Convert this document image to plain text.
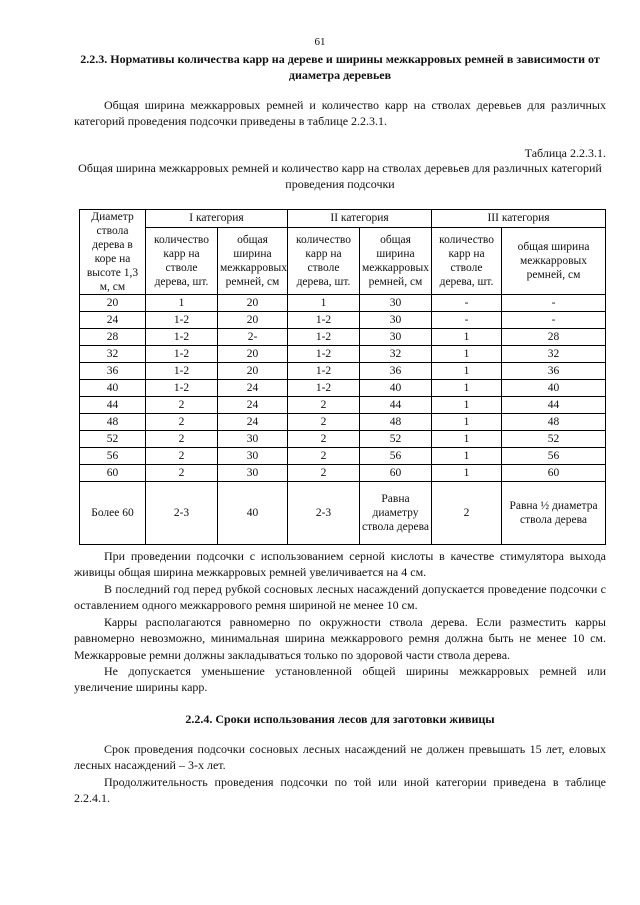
61
2.2.3. Нормативы количества карр на дереве и ширины межкарровых ремней в зависимости от диаметра деревьев

Общая ширина межкарровых ремней и количество карр на стволах деревьев для различных категорий проведения подсочки приведены в таблице 2.2.3.1.

Таблица 2.2.3.1.
Общая ширина межкарровых ремней и количество карр на стволах деревьев для различных категорий проведения подсочки
Диаметр ствола дерева в коре на высоте 1,3 м, см	I категория		II категория		III категория	
	количество карр на стволе дерева, шт.	общая ширина межкарровых ремней, см	количество карр на стволе дерева, шт.	общая ширина межкарровых ремней, см	количество карр на стволе дерева, шт.	общая ширина межкарровых ремней, см
20	1	20	1	30	-	-
24	1-2	20	1-2	30	-	-
28	1-2	2-	1-2	30	1	28
32	1-2	20	1-2	32	1	32
36	1-2	20	1-2	36	1	36
40	1-2	24	1-2	40	1	40
44	2	24	2	44	1	44
48	2	24	2	48	1	48
52	2	30	2	52	1	52
56	2	30	2	56	1	56
60	2	30	2	60	1	60
Более 60	2-3	40	2-3	Равна диаметру ствола дерева	2	Равна ½ диаметра ствола дерева

При проведении подсочки с использованием серной кислоты в качестве стимулятора выхода живицы общая ширина межкарровых ремней увеличивается на 4 см.

В последний год перед рубкой сосновых лесных насаждений допускается проведение подсочки с оставлением одного межкаррового ремня шириной не менее 10 см.

Карры располагаются равномерно по окружности ствола дерева. Если разместить карры равномерно невозможно, минимальная ширина межкаррового ремня должна быть не менее 10 см. Межкарровые ремни должны закладываться только по здоровой части ствола дерева.

Не допускается уменьшение установленной общей ширины межкарровых ремней или увеличение ширины карр.

2.2.4. Сроки использования лесов для заготовки живицы

Срок проведения подсочки сосновых лесных насаждений не должен превышать 15 лет, еловых лесных насаждений – 3-х лет.

Продолжительность проведения подсочки по той или иной категории приведена в таблице 2.2.4.1.
